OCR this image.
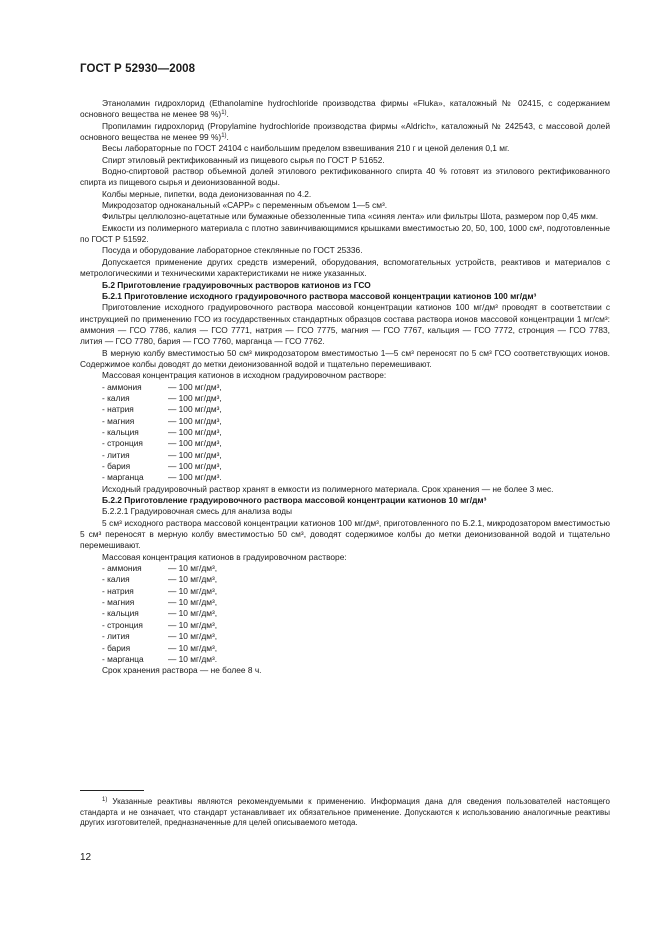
ГОСТ Р 52930—2008

Этаноламин гидрохлорид (Ethanolamine hydrochloride производства фирмы «Fluka», каталожный № 02415, с содержанием основного вещества не менее 98 %)$^{1)}$.

Пропиламин гидрохлорид (Propylamine hydrochloride производства фирмы «Aldrich», каталожный № 242543, с массовой долей основного вещества не менее 99 %)$^{1)}$.

Весы лабораторные по ГОСТ 24104 с наибольшим пределом взвешивания 210 г и ценой деления 0,1 мг.

Спирт этиловый ректификованный из пищевого сырья по ГОСТ Р 51652.

Водно-спиртовой раствор объемной долей этилового ректификованного спирта 40 % готовят из этилового ректификованного спирта из пищевого сырья и деионизованной воды.

Колбы мерные, пипетки, вода деионизованная по 4.2.

Микродозатор одноканальный «САРР» с переменным объемом 1—5 см³.

Фильтры целлюлозно-ацетатные или бумажные обеззоленные типа «синяя лента» или фильтры Шота, размером пор 0,45 мкм.

Емкости из полимерного материала с плотно завинчивающимися крышками вместимостью 20, 50, 100, 1000 см³, подготовленные по ГОСТ Р 51592.

Посуда и оборудование лабораторное стеклянные по ГОСТ 25336.

Допускается применение других средств измерений, оборудования, вспомогательных устройств, реактивов и материалов с метрологическими и техническими характеристиками не ниже указанных.

Б.2 Приготовление градуировочных растворов катионов из ГСО

Б.2.1 Приготовление исходного градуировочного раствора массовой концентрации катионов 100 мг/дм³

Приготовление исходного градуировочного раствора массовой концентрации катионов 100 мг/дм³ проводят в соответствии с инструкцией по применению ГСО из государственных стандартных образцов состава раствора ионов массовой концентрации 1 мг/см³: аммония — ГСО 7786, калия — ГСО 7771, натрия — ГСО 7775, магния — ГСО 7767, кальция — ГСО 7772, стронция — ГСО 7783, лития — ГСО 7780, бария — ГСО 7760, марганца — ГСО 7762.

В мерную колбу вместимостью 50 см³ микродозатором вместимостью 1—5 см³ переносят по 5 см³ ГСО соответствующих ионов. Содержимое колбы доводят до метки деионизованной водой и тщательно перемешивают.

Массовая концентрация катионов в исходном градуировочном растворе:

- аммония	— 100 мг/дм³,
- калия	— 100 мг/дм³,
- натрия	— 100 мг/дм³,
- магния	— 100 мг/дм³,
- кальция	— 100 мг/дм³,
- стронция	— 100 мг/дм³,
- лития	— 100 мг/дм³,
- бария	— 100 мг/дм³,
- марганца	— 100 мг/дм³.

Исходный градуировочный раствор хранят в емкости из полимерного материала. Срок хранения — не более 3 мес.

Б.2.2 Приготовление градуировочного раствора массовой концентрации катионов 10 мг/дм³

Б.2.2.1 Градуировочная смесь для анализа воды

5 см³ исходного раствора массовой концентрации катионов 100 мг/дм³, приготовленного по Б.2.1, микродозатором вместимостью 5 см³ переносят в мерную колбу вместимостью 50 см³, доводят содержимое колбы до метки деионизованной водой и тщательно перемешивают.

Массовая концентрация катионов в градуировочном растворе:

- аммония	— 10 мг/дм³,
- калия	— 10 мг/дм³,
- натрия	— 10 мг/дм³,
- магния	— 10 мг/дм³,
- кальция	— 10 мг/дм³,
- стронция	— 10 мг/дм³,
- лития	— 10 мг/дм³,
- бария	— 10 мг/дм³,
- марганца	— 10 мг/дм³.

Срок хранения раствора — не более 8 ч.

$^{1)}$ Указанные реактивы являются рекомендуемыми к применению. Информация дана для сведения пользователей настоящего стандарта и не означает, что стандарт устанавливает их обязательное применение. Допускаются к использованию аналогичные реактивы других изготовителей, предназначенные для целей описываемого метода.
12
